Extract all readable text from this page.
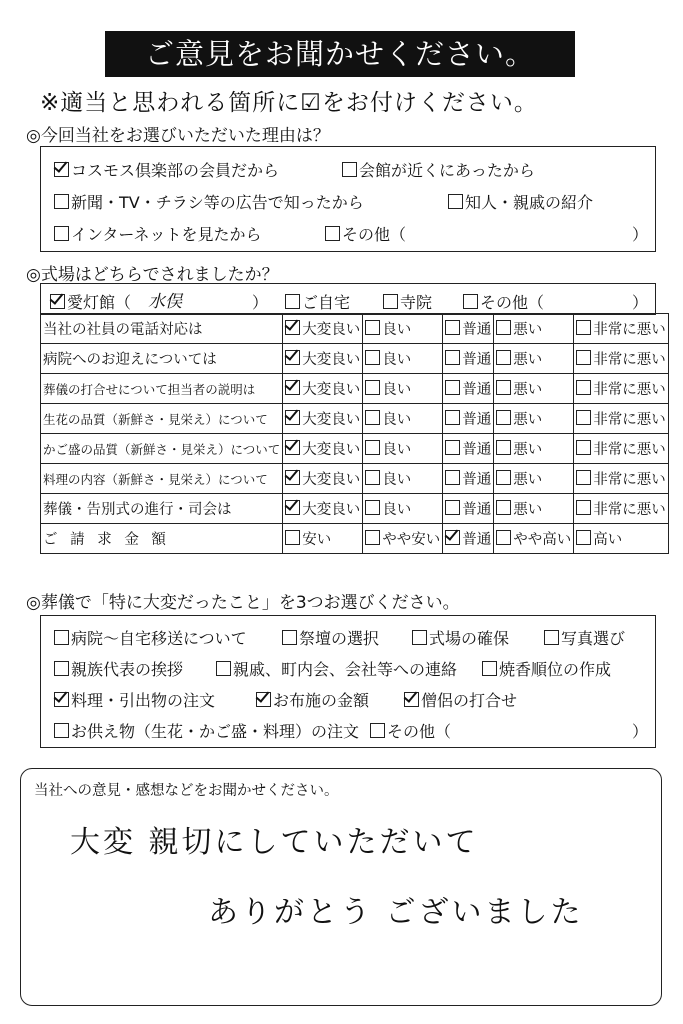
ご意見をお聞かせください。
※適当と思われる箇所に☑をお付けください。
◎今回当社をお選びいただいた理由は？
コスモス倶楽部の会員だから	会館が近くにあったから
新聞・TV・チラシ等の広告で知ったから	知人・親戚の紹介
インターネットを見たから	その他（	）
◎式場はどちらでされましたか？
愛灯館（ 水俣	）	ご自宅	寺院	その他（	）
当社の社員の電話対応は	大変良い	良い	普通	悪い	非常に悪い
病院へのお迎えについては	大変良い	良い	普通	悪い	非常に悪い
葬儀の打合せについて担当者の説明は	大変良い	良い	普通	悪い	非常に悪い
生花の品質（新鮮さ・見栄え）について	大変良い	良い	普通	悪い	非常に悪い
かご盛の品質（新鮮さ・見栄え）について	大変良い	良い	普通	悪い	非常に悪い
料理の内容（新鮮さ・見栄え）について	大変良い	良い	普通	悪い	非常に悪い
葬儀・告別式の進行・司会は	大変良い	良い	普通	悪い	非常に悪い
ご 請 求 金 額	安い	やや安い	普通	やや高い	高い
◎葬儀で「特に大変だったこと」を3つお選びください。
病院～自宅移送について	祭壇の選択	式場の確保	写真選び
親族代表の挨拶	親戚、町内会、会社等への連絡	焼香順位の作成
料理・引出物の注文	お布施の金額	僧侶の打合せ
お供え物（生花・かご盛・料理）の注文	その他（	）
当社への意見・感想などをお聞かせください。
大変 親切にしていただいて
ありがとう ございました
